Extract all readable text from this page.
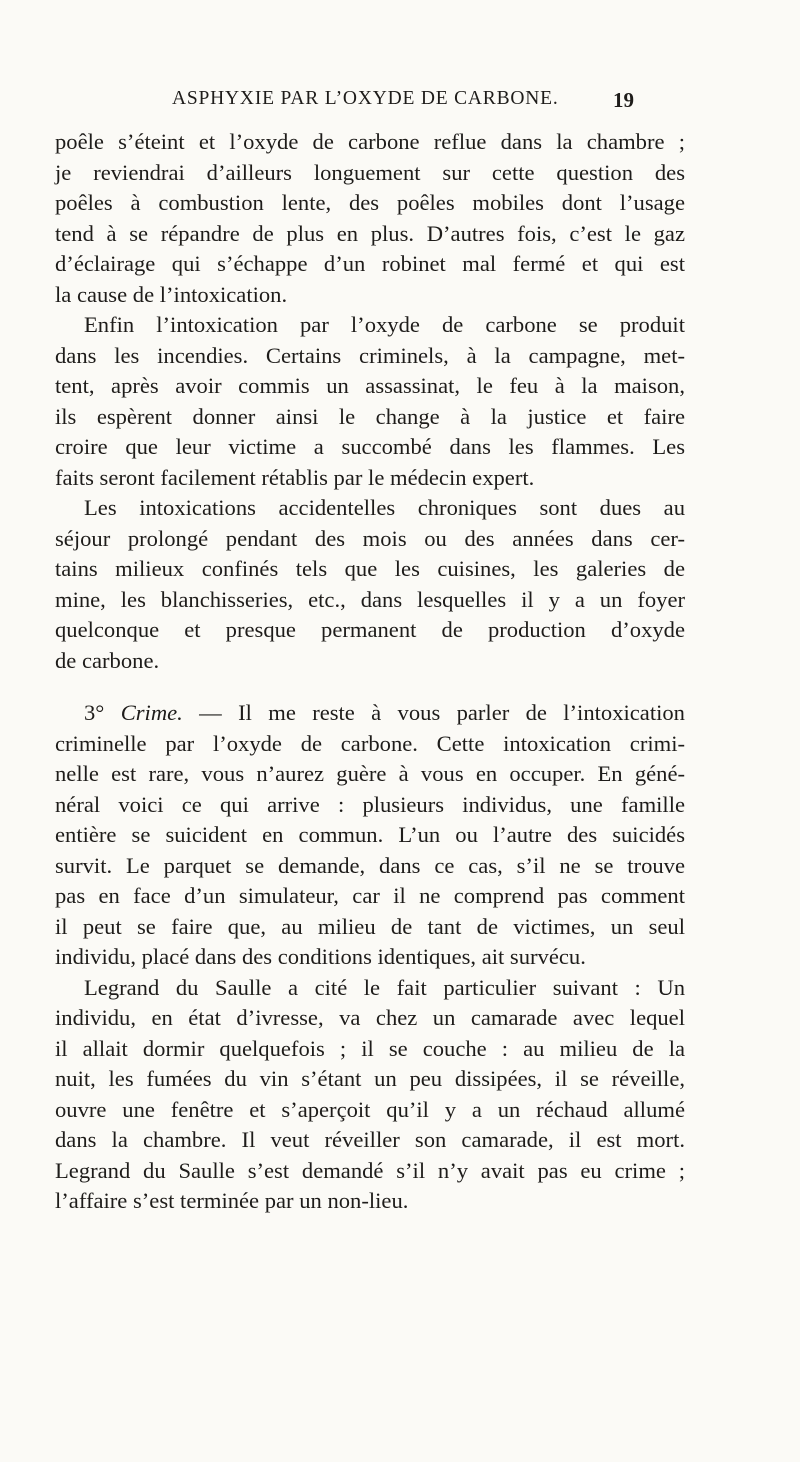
ASPHYXIE PAR L’OXYDE DE CARBONE.	19
poêle s’éteint et l’oxyde de carbone reflue dans la chambre ;
je reviendrai d’ailleurs longuement sur cette question des
poêles à combustion lente, des poêles mobiles dont l’usage
tend à se répandre de plus en plus. D’autres fois, c’est le gaz
d’éclairage qui s’échappe d’un robinet mal fermé et qui est
la cause de l’intoxication.
Enfin l’intoxication par l’oxyde de carbone se produit
dans les incendies. Certains criminels, à la campagne, met-
tent, après avoir commis un assassinat, le feu à la maison,
ils espèrent donner ainsi le change à la justice et faire
croire que leur victime a succombé dans les flammes. Les
faits seront facilement rétablis par le médecin expert.
Les intoxications accidentelles chroniques sont dues au
séjour prolongé pendant des mois ou des années dans cer-
tains milieux confinés tels que les cuisines, les galeries de
mine, les blanchisseries, etc., dans lesquelles il y a un foyer
quelconque et presque permanent de production d’oxyde
de carbone.
3° Crime. — Il me reste à vous parler de l’intoxication
criminelle par l’oxyde de carbone. Cette intoxication crimi-
nelle est rare, vous n’aurez guère à vous en occuper. En géné-
néral voici ce qui arrive : plusieurs individus, une famille
entière se suicident en commun. L’un ou l’autre des suicidés
survit. Le parquet se demande, dans ce cas, s’il ne se trouve
pas en face d’un simulateur, car il ne comprend pas comment
il peut se faire que, au milieu de tant de victimes, un seul
individu, placé dans des conditions identiques, ait survécu.
Legrand du Saulle a cité le fait particulier suivant : Un
individu, en état d’ivresse, va chez un camarade avec lequel
il allait dormir quelquefois ; il se couche : au milieu de la
nuit, les fumées du vin s’étant un peu dissipées, il se réveille,
ouvre une fenêtre et s’aperçoit qu’il y a un réchaud allumé
dans la chambre. Il veut réveiller son camarade, il est mort.
Legrand du Saulle s’est demandé s’il n’y avait pas eu crime ;
l’affaire s’est terminée par un non-lieu.
